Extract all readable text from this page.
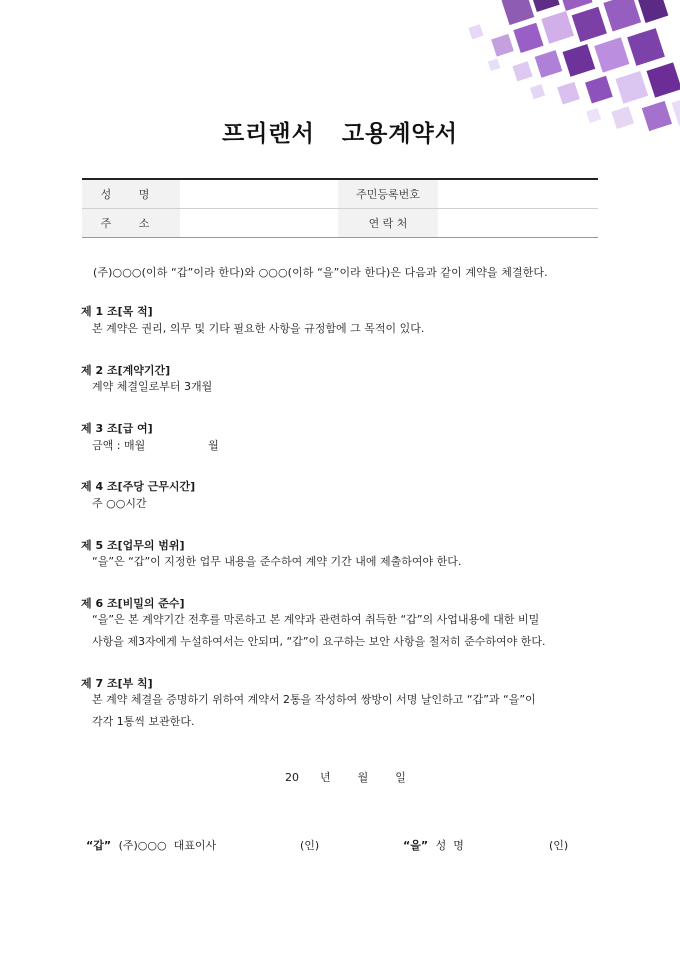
프리랜서   고용계약서
성 명		주민등록번호	
주 소		연 락 처	
(주)○○○(이하 “갑”이라 한다)와 ○○○(이하 “을”이라 한다)은 다음과 같이 계약을 체결한다.
제 1 조[목 적]
본 계약은 권리, 의무 및 기타 필요한 사항을 규정함에 그 목적이 있다.
제 2 조[계약기간]
계약 체결일로부터 3개월
제 3 조[급 여]
금액 : 매월                  월
제 4 조[주당 근무시간]
주 ○○시간
제 5 조[업무의 범위]
“을”은 “갑”이 지정한 업무 내용을 준수하여 계약 기간 내에 제출하여야 한다.
제 6 조[비밀의 준수]
“을”은 본 계약기간 전후를 막론하고 본 계약과 관련하여 취득한 “갑”의 사업내용에 대한 비밀
사항을 제3자에게 누설하여서는 안되며, “갑”이 요구하는 보안 사항을 철저히 준수하여야 한다.
제 7 조[부 칙]
본 계약 체결을 증명하기 위하여 계약서 2통을 작성하여 쌍방이 서명 날인하고 “갑”과 “을”이
각각 1통씩 보관한다.
20 년 월 일
“갑” (주)○○○  대표이사	(인)	“을” 성  명	(인)
